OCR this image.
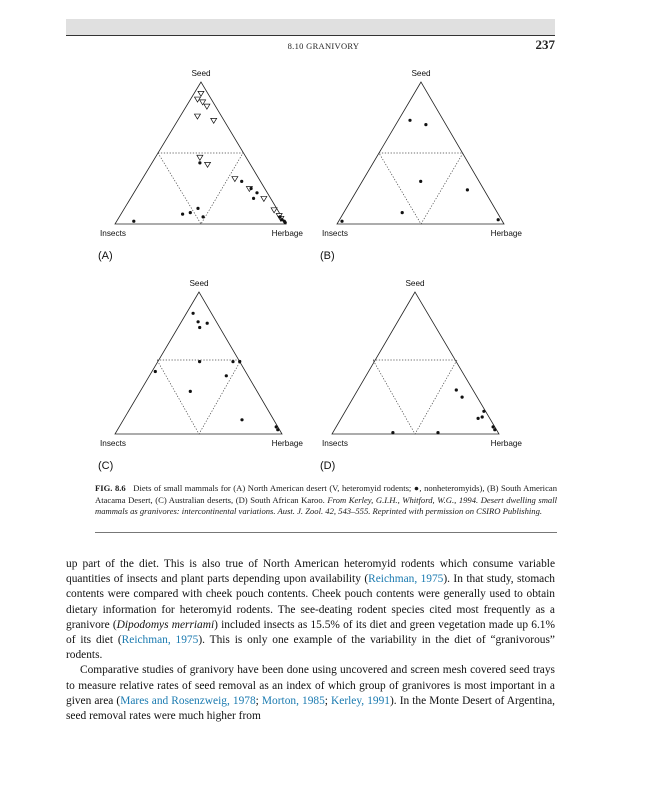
8.10 GRANIVORY	237
Seed
Insects	Herbage
(A)
Seed
Insects	Herbage
(B)
Seed
Insects	Herbage
(C)
Seed
Insects	Herbage
(D)
FIG. 8.6 Diets of small mammals for (A) North American desert (V, heteromyid rodents; ●, nonheteromyids), (B) South American Atacama Desert, (C) Australian deserts, (D) South African Karoo. From Kerley, G.I.H., Whitford, W.G., 1994. Desert dwelling small mammals as granivores: intercontinental variations. Aust. J. Zool. 42, 543–555. Reprinted with permission on CSIRO Publishing.

up part of the diet. This is also true of North American heteromyid rodents which consume variable quantities of insects and plant parts depending upon availability (Reichman, 1975). In that study, stomach contents were compared with cheek pouch contents. Cheek pouch contents were generally used to obtain dietary information for heteromyid rodents. The see-deating rodent species cited most frequently as a granivore (Dipodomys merriami) included insects as 15.5% of its diet and green vegetation made up 6.1% of its diet (Reichman, 1975). This is only one example of the variability in the diet of “granivorous” rodents.

Comparative studies of granivory have been done using uncovered and screen mesh covered seed trays to measure relative rates of seed removal as an index of which group of granivores is most important in a given area (Mares and Rosenzweig, 1978; Morton, 1985; Kerley, 1991). In the Monte Desert of Argentina, seed removal rates were much higher from
